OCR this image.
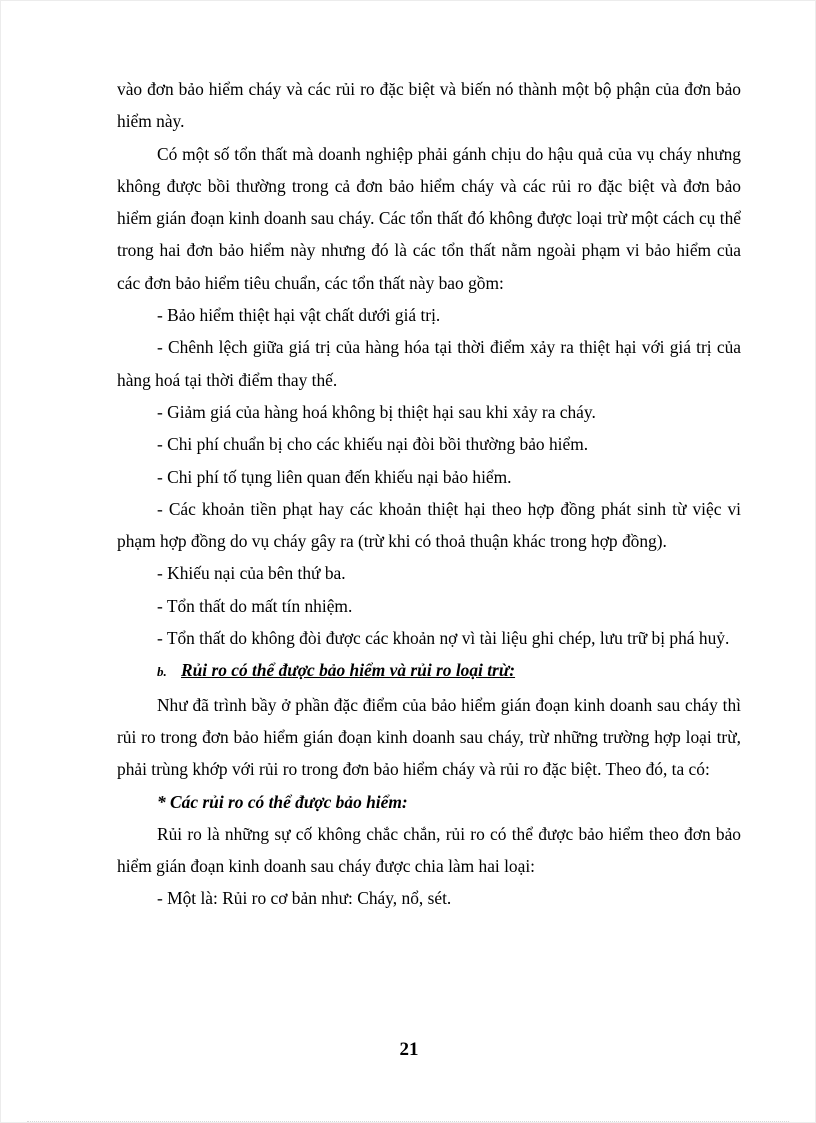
vào đơn bảo hiểm cháy và các rủi ro đặc biệt và biến nó thành một bộ phận của đơn bảo hiểm này.

Có một số tổn thất mà doanh nghiệp phải gánh chịu do hậu quả của vụ cháy nhưng không được bồi thường trong cả đơn bảo hiểm cháy và các rủi ro đặc biệt và đơn bảo hiểm gián đoạn kinh doanh sau cháy. Các tổn thất đó không được loại trừ một cách cụ thể trong hai đơn bảo hiểm này nhưng đó là các tổn thất nằm ngoài phạm vi bảo hiểm của các đơn bảo hiểm tiêu chuẩn, các tổn thất này bao gồm:

- Bảo hiểm thiệt hại vật chất dưới giá trị.

- Chênh lệch giữa giá trị của hàng hóa tại thời điểm xảy ra thiệt hại với giá trị của hàng hoá tại thời điểm thay thế.

- Giảm giá của hàng hoá không bị thiệt hại sau khi xảy ra cháy.

- Chi phí chuẩn bị cho các khiếu nại đòi bồi thường bảo hiểm.

- Chi phí tố tụng liên quan đến khiếu nại bảo hiểm.

- Các khoản tiền phạt hay các khoản thiệt hại theo hợp đồng phát sinh từ việc vi phạm hợp đồng do vụ cháy gây ra (trừ khi có thoả thuận khác trong hợp đồng).

- Khiếu nại của bên thứ ba.

- Tổn thất do mất tín nhiệm.

- Tổn thất do không đòi được các khoản nợ vì tài liệu ghi chép, lưu trữ bị phá huỷ.

b. Rủi ro có thể được bảo hiểm và rủi ro loại trừ:

Như đã trình bầy ở phần đặc điểm của bảo hiểm gián đoạn kinh doanh sau cháy thì rủi ro trong đơn bảo hiểm gián đoạn kinh doanh sau cháy, trừ những trường hợp loại trừ, phải trùng khớp với rủi ro trong đơn bảo hiểm cháy và rủi ro đặc biệt. Theo đó, ta có:

* Các rủi ro có thể được bảo hiểm:

Rủi ro là những sự cố không chắc chắn, rủi ro có thể được bảo hiểm theo đơn bảo hiểm gián đoạn kinh doanh sau cháy được chia làm hai loại:

- Một là: Rủi ro cơ bản như: Cháy, nổ, sét.

21
